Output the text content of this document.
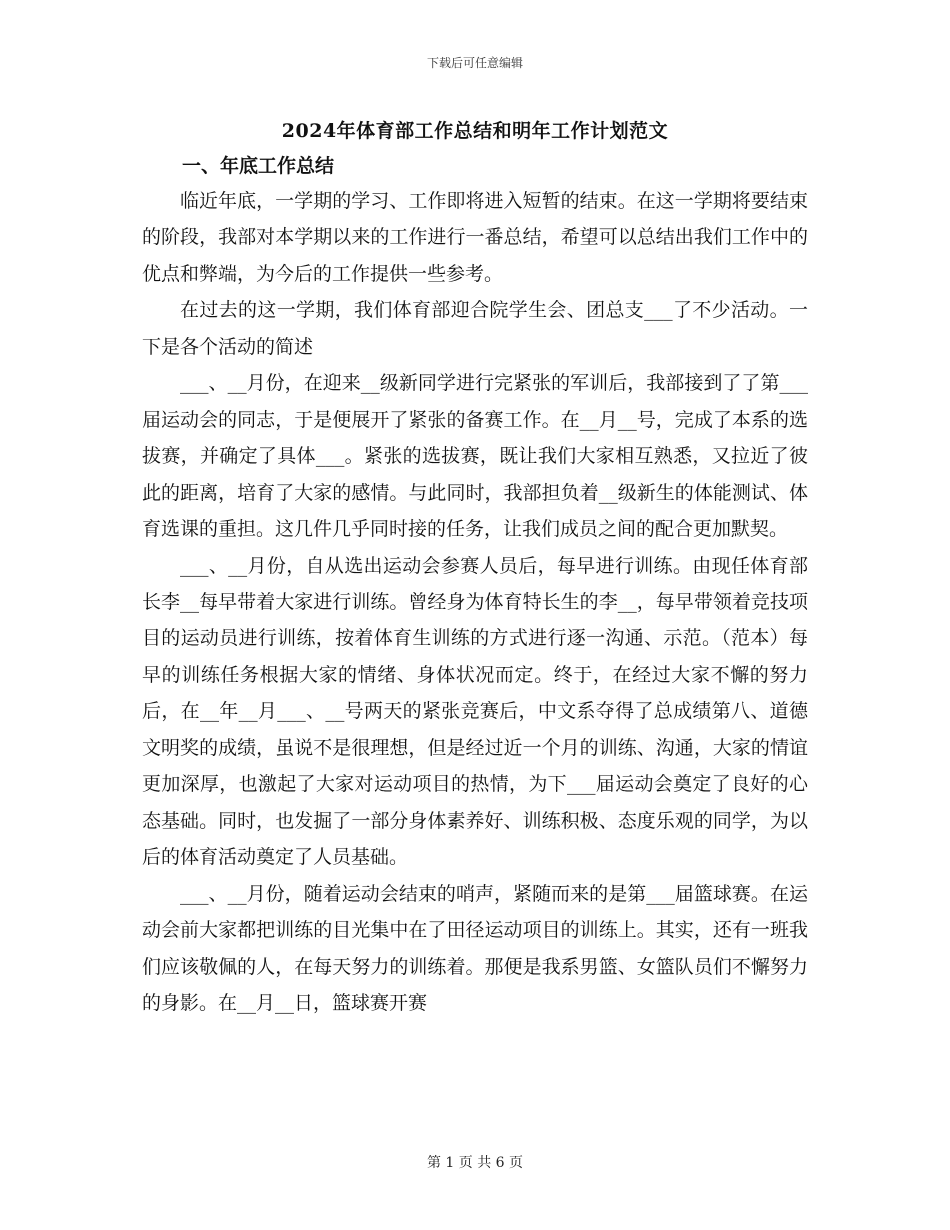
下载后可任意编辑
2024年体育部工作总结和明年工作计划范文
一、年底工作总结

临近年底，一学期的学习、工作即将进入短暂的结束。在这一学期将要结束的阶段，我部对本学期以来的工作进行一番总结，希望可以总结出我们工作中的优点和弊端，为今后的工作提供一些参考。

在过去的这一学期，我们体育部迎合院学生会、团总支___了不少活动。一下是各个活动的简述

___、__月份，在迎来__级新同学进行完紧张的军训后，我部接到了了第___届运动会的同志，于是便展开了紧张的备赛工作。在__月__号，完成了本系的选拔赛，并确定了具体___。紧张的选拔赛，既让我们大家相互熟悉，又拉近了彼此的距离，培育了大家的感情。与此同时，我部担负着__级新生的体能测试、体育选课的重担。这几件几乎同时接的任务，让我们成员之间的配合更加默契。

___、__月份，自从选出运动会参赛人员后，每早进行训练。由现任体育部长李__每早带着大家进行训练。曾经身为体育特长生的李__，每早带领着竞技项目的运动员进行训练，按着体育生训练的方式进行逐一沟通、示范。（范本）每早的训练任务根据大家的情绪、身体状况而定。终于，在经过大家不懈的努力后，在__年__月___、__号两天的紧张竞赛后，中文系夺得了总成绩第八、道德文明奖的成绩，虽说不是很理想，但是经过近一个月的训练、沟通，大家的情谊更加深厚，也激起了大家对运动项目的热情，为下___届运动会奠定了良好的心态基础。同时，也发掘了一部分身体素养好、训练积极、态度乐观的同学，为以后的体育活动奠定了人员基础。

___、__月份，随着运动会结束的哨声，紧随而来的是第___届篮球赛。在运动会前大家都把训练的目光集中在了田径运动项目的训练上。其实，还有一班我们应该敬佩的人，在每天努力的训练着。那便是我系男篮、女篮队员们不懈努力的身影。在__月__日，篮球赛开赛

第 1 页 共 6 页
